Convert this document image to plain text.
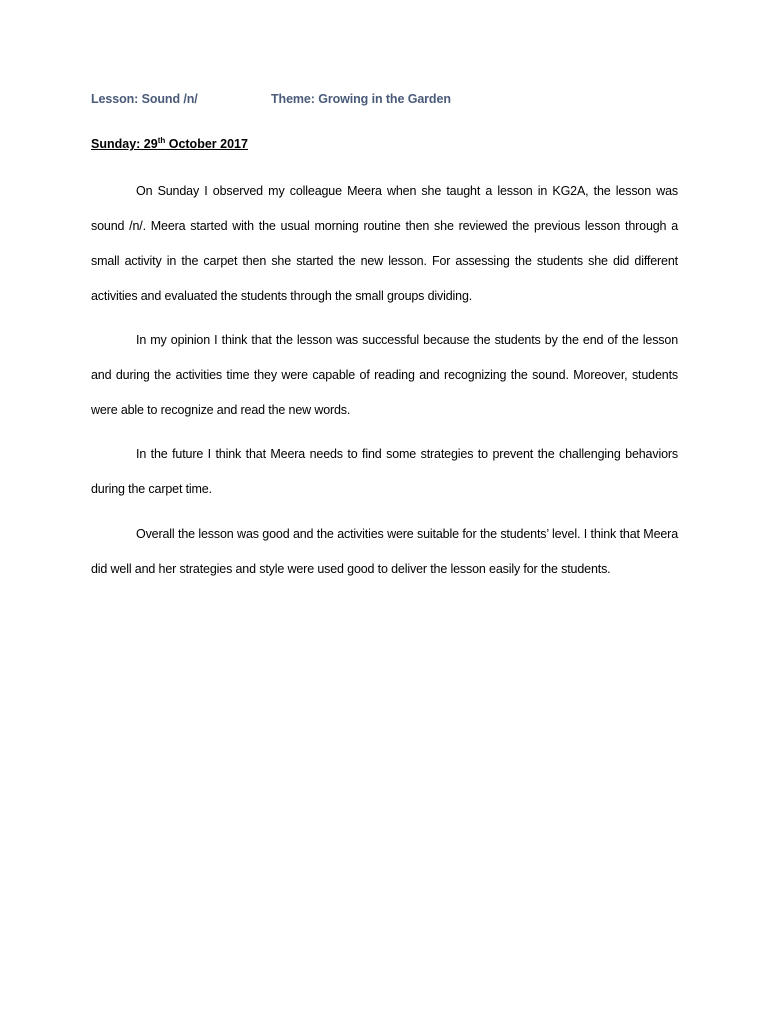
Lesson: Sound /n/	Theme: Growing in the Garden
Sunday: 29th October 2017

On Sunday I observed my colleague Meera when she taught a lesson in KG2A, the lesson was sound /n/. Meera started with the usual morning routine then she reviewed the previous lesson through a small activity in the carpet then she started the new lesson. For assessing the students she did different activities and evaluated the students through the small groups dividing.

In my opinion I think that the lesson was successful because the students by the end of the lesson and during the activities time they were capable of reading and recognizing the sound. Moreover, students were able to recognize and read the new words.

In the future I think that Meera needs to find some strategies to prevent the challenging behaviors during the carpet time.

Overall the lesson was good and the activities were suitable for the students’ level. I think that Meera did well and her strategies and style were used good to deliver the lesson easily for the students.
